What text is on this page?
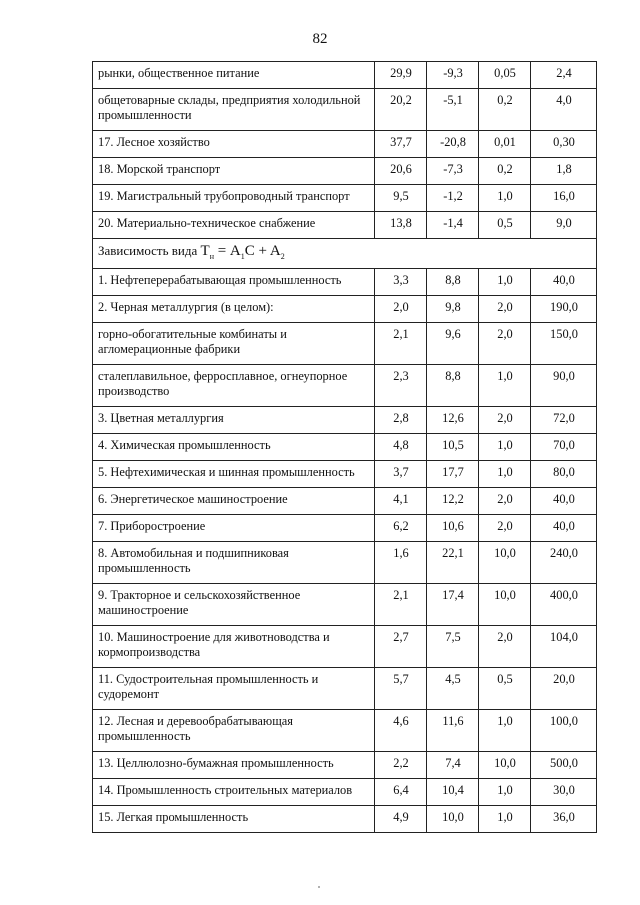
82
рынки, общественное питание	29,9	-9,3	0,05	2,4
общетоварные склады, предприятия холодильной промышленности	20,2	-5,1	0,2	4,0
17. Лесное хозяйство	37,7	-20,8	0,01	0,30
18. Морской транспорт	20,6	-7,3	0,2	1,8
19. Магистральный трубопроводный транспорт	9,5	-1,2	1,0	16,0
20. Материально-техническое снабжение	13,8	-1,4	0,5	9,0
Зависимость вида $T_н = A_1C + A_2$
1. Нефтеперерабатывающая промышленность	3,3	8,8	1,0	40,0
2. Черная металлургия (в целом):	2,0	9,8	2,0	190,0
горно-обогатительные комбинаты и агломерационные фабрики	2,1	9,6	2,0	150,0
сталеплавильное, ферросплавное, огнеупорное производство	2,3	8,8	1,0	90,0
3. Цветная металлургия	2,8	12,6	2,0	72,0
4. Химическая промышленность	4,8	10,5	1,0	70,0
5. Нефтехимическая и шинная промышленность	3,7	17,7	1,0	80,0
6. Энергетическое машиностроение	4,1	12,2	2,0	40,0
7. Приборостроение	6,2	10,6	2,0	40,0
8. Автомобильная и подшипниковая промышленность	1,6	22,1	10,0	240,0
9. Тракторное и сельскохозяйственное машиностроение	2,1	17,4	10,0	400,0
10. Машиностроение для животноводства и кормопроизводства	2,7	7,5	2,0	104,0
11. Судостроительная промышленность и судоремонт	5,7	4,5	0,5	20,0
12. Лесная и деревообрабатывающая промышленность	4,6	11,6	1,0	100,0
13. Целлюлозно-бумажная промышленность	2,2	7,4	10,0	500,0
14. Промышленность строительных материалов	6,4	10,4	1,0	30,0
15. Легкая промышленность	4,9	10,0	1,0	36,0
